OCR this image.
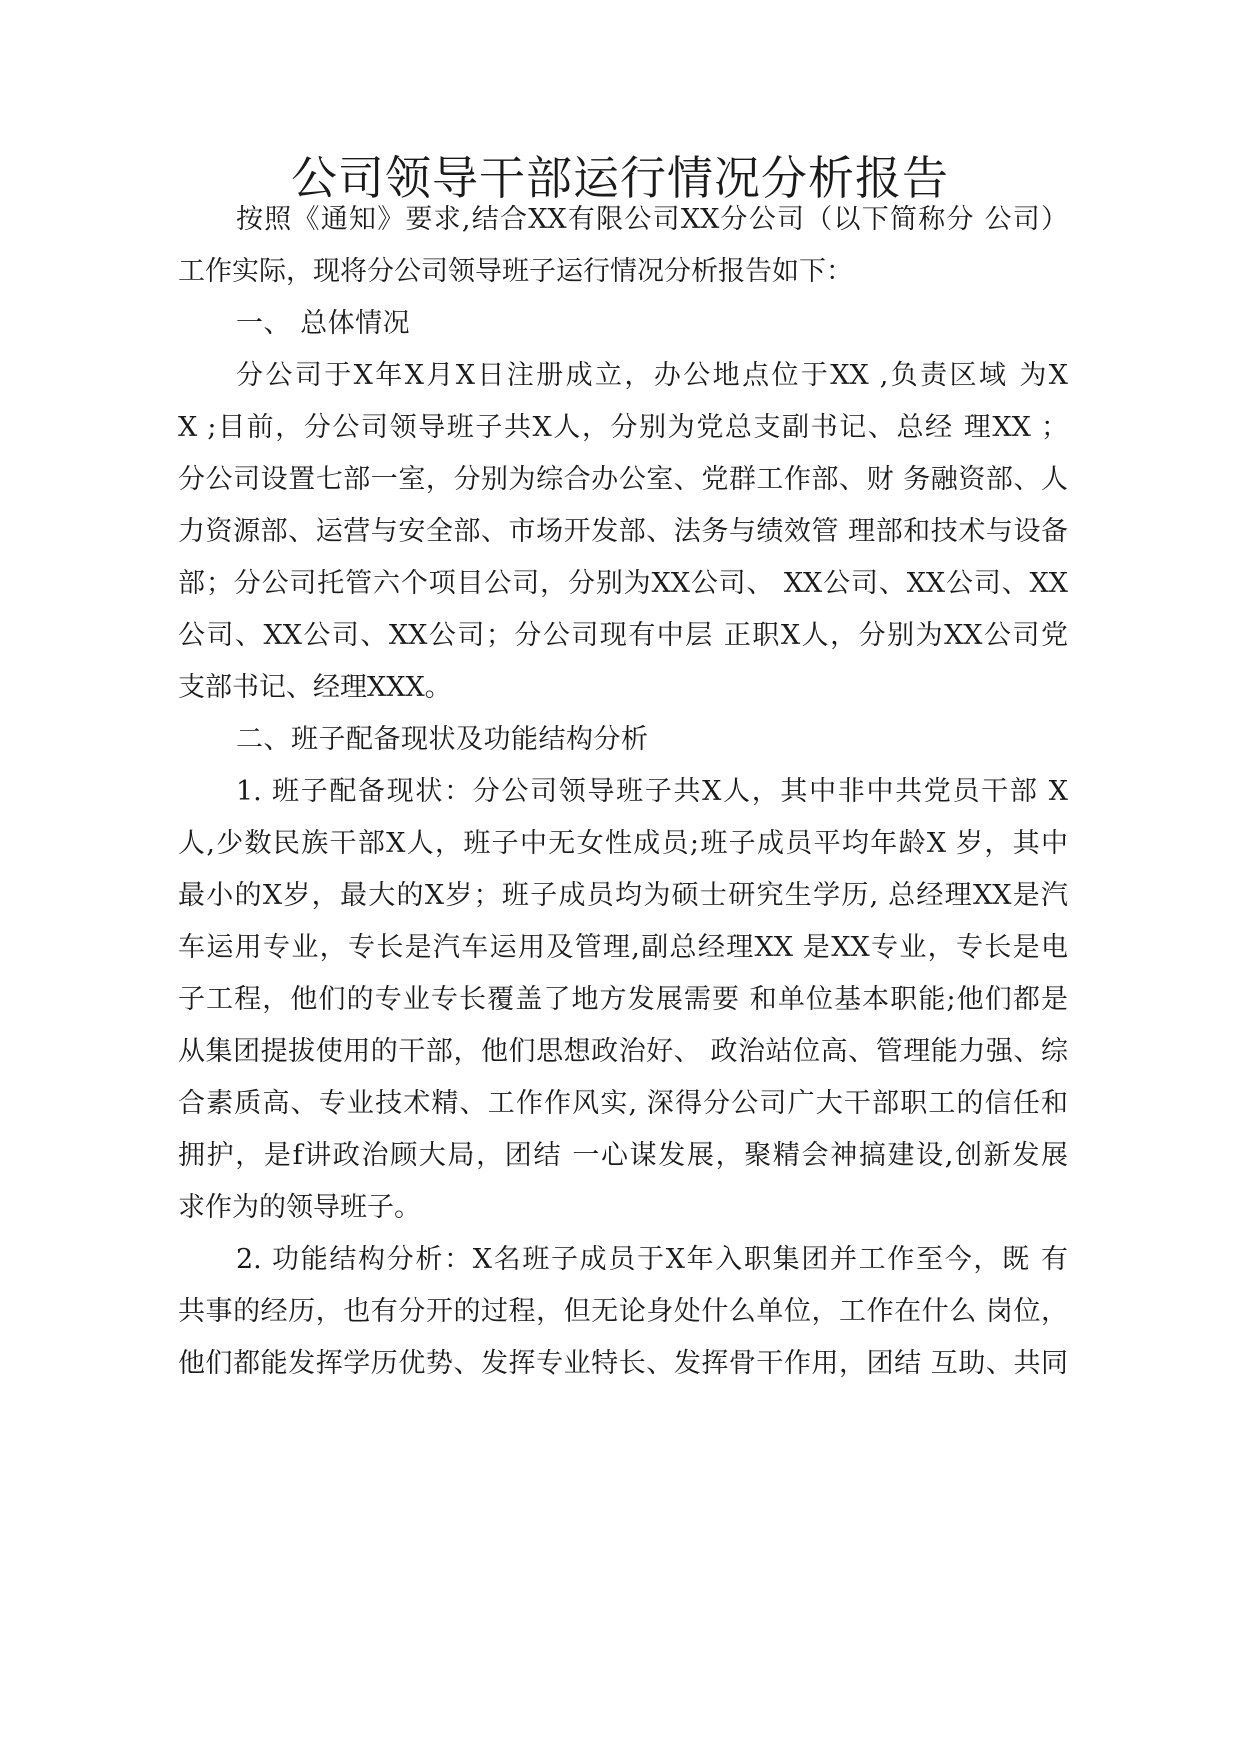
公司领导干部运行情况分析报告
按照《通知》要求,结合XX有限公司XX分公司（以下简称分 公司）
工作实际，现将分公司领导班子运行情况分析报告如下：
一、 总体情况
分公司于X年X月X日注册成立，办公地点位于XX ,负责区域 为X
X ;目前，分公司领导班子共X人，分别为党总支副书记、总经 理XX ；
分公司设置七部一室，分别为综合办公室、党群工作部、财 务融资部、人
力资源部、运营与安全部、市场开发部、法务与绩效管 理部和技术与设备
部；分公司托管六个项目公司，分别为XX公司、 XX公司、XX公司、XX
公司、XX公司、XX公司；分公司现有中层 正职X人，分别为XX公司党
支部书记、经理XXX。
二、班子配备现状及功能结构分析
1. 班子配备现状：分公司领导班子共X人，其中非中共党员干部 X
人,少数民族干部X人，班子中无女性成员;班子成员平均年龄X 岁，其中
最小的X岁，最大的X岁；班子成员均为硕士研究生学历, 总经理XX是汽
车运用专业，专长是汽车运用及管理,副总经理XX 是XX专业，专长是电
子工程，他们的专业专长覆盖了地方发展需要 和单位基本职能;他们都是
从集团提拔使用的干部，他们思想政治好、 政治站位高、管理能力强、综
合素质高、专业技术精、工作作风实, 深得分公司广大干部职工的信任和
拥护，是f讲政治顾大局，团结 一心谋发展，聚精会神搞建设,创新发展
求作为的领导班子。
2. 功能结构分析：X名班子成员于X年入职集团并工作至今，既 有
共事的经历，也有分开的过程，但无论身处什么单位，工作在什么 岗位，
他们都能发挥学历优势、发挥专业特长、发挥骨干作用，团结 互助、共同
